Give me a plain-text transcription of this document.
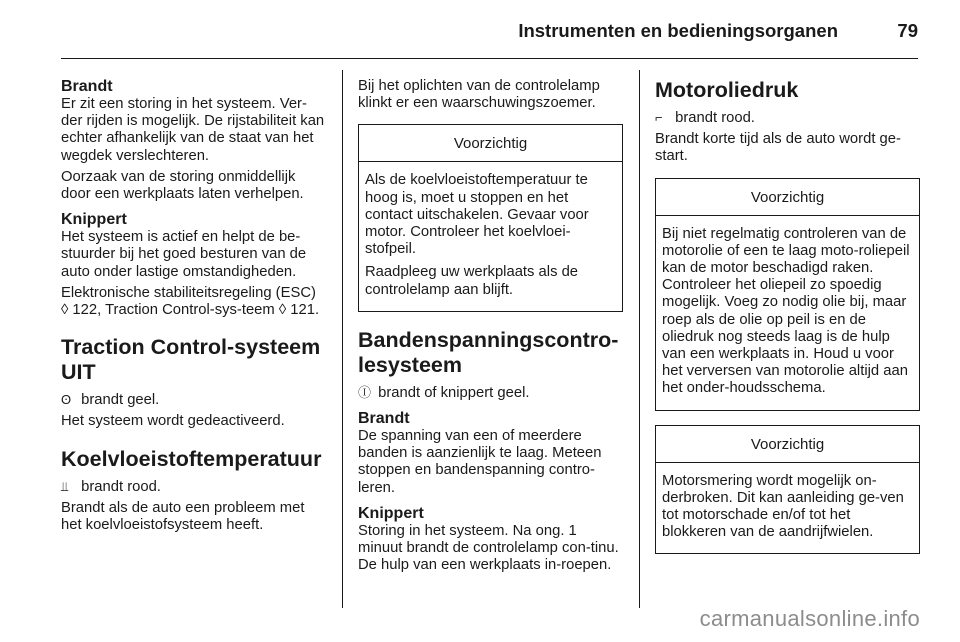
Instrumenten en bedieningsorganen	79
Brandt

Er zit een storing in het systeem. Ver-der rijden is mogelijk. De rijstabiliteit kan echter afhankelijk van de staat van het wegdek verslechteren.

Oorzaak van de storing onmiddellijk door een werkplaats laten verhelpen.

Knippert

Het systeem is actief en helpt de be-stuurder bij het goed besturen van de auto onder lastige omstandigheden.

Elektronische stabiliteitsregeling (ESC) ◊ 122, Traction Control-sys-teem ◊ 121.

Traction Control-systeem UIT

ʘ brandt geel.

Het systeem wordt gedeactiveerd.

Koelvloeistoftemperatuur

⫫ brandt rood.

Brandt als de auto een probleem met het koelvloeistofsysteem heeft.

Bij het oplichten van de controlelamp klinkt er een waarschuwingszoemer.

Voorzichtig

Als de koelvloeistoftemperatuur te hoog is, moet u stoppen en het contact uitschakelen. Gevaar voor motor. Controleer het koelvloei-stofpeil.

Raadpleeg uw werkplaats als de controlelamp aan blijft.

Bandenspanningscontro-lesysteem

Ⓘ brandt of knippert geel.

Brandt

De spanning van een of meerdere banden is aanzienlijk te laag. Meteen stoppen en bandenspanning contro-leren.

Knippert

Storing in het systeem. Na ong. 1 minuut brandt de controlelamp con-tinu. De hulp van een werkplaats in-roepen.

Motoroliedruk

⌐ brandt rood.

Brandt korte tijd als de auto wordt ge-start.

Voorzichtig

Bij niet regelmatig controleren van de motorolie of een te laag moto-roliepeil kan de motor beschadigd raken. Controleer het oliepeil zo spoedig mogelijk. Voeg zo nodig olie bij, maar roep als de olie op peil is en de oliedruk nog steeds laag is de hulp van een werkplaats in. Houd u voor het verversen van motorolie altijd aan het onder-houdsschema.

Voorzichtig

Motorsmering wordt mogelijk on-derbroken. Dit kan aanleiding ge-ven tot motorschade en/of tot het blokkeren van de aandrijfwielen.

carmanualsonline.info
